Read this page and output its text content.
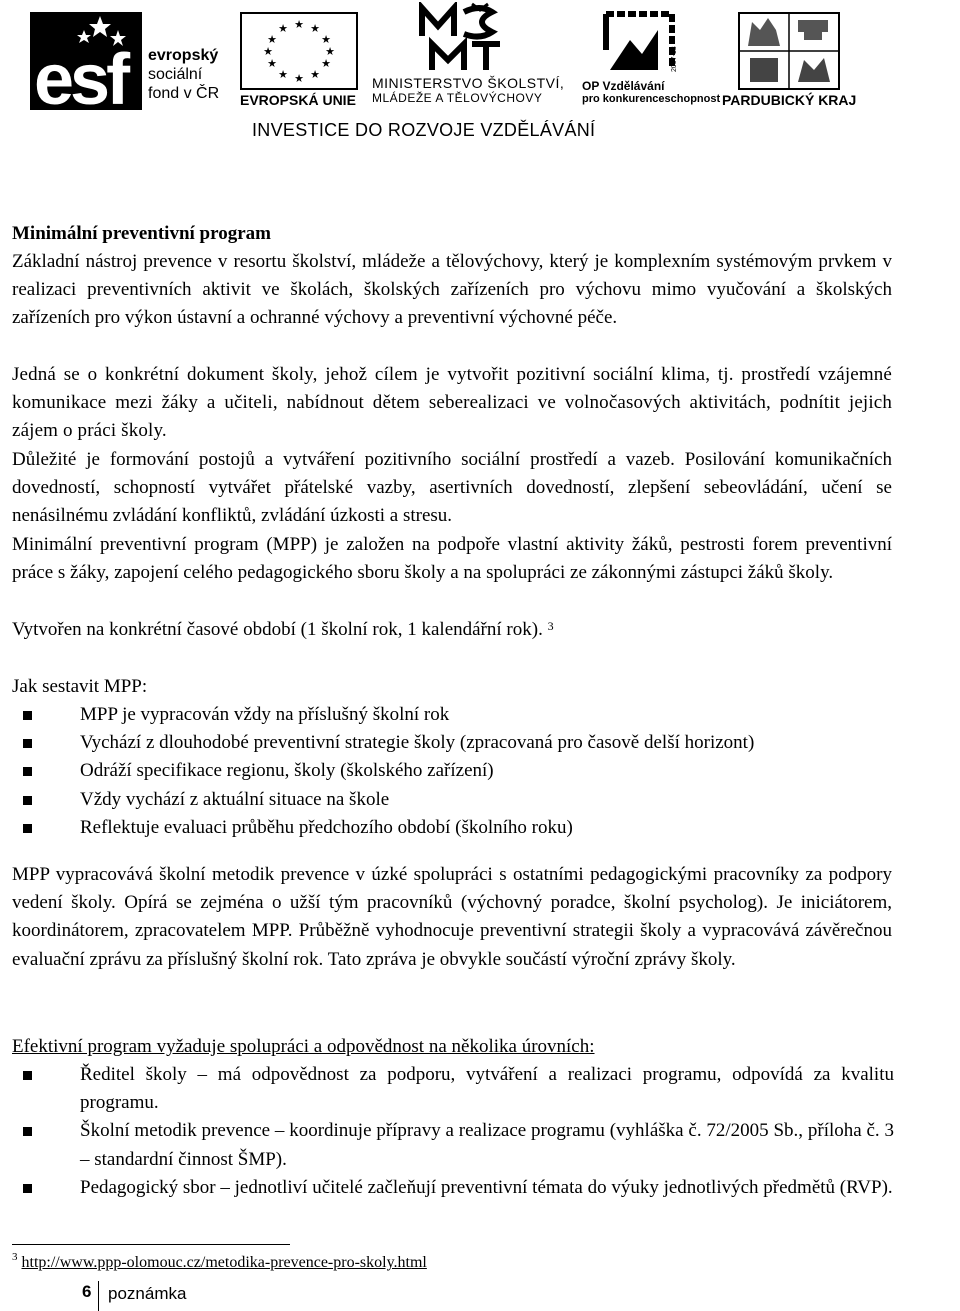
esf	evropský
sociální
fond v ČR
★ ★
★
★
★
★
★
★
★
★
★
★
EVROPSKÁ UNIE
MINISTERSTVO ŠKOLSTVÍ,
MLÁDEŽE A TĚLOVÝCHOVY
2007-13
OP Vzdělávání
pro konkurenceschopnost PARDUBICKÝ KRAJ
INVESTICE DO ROZVOJE VZDĚLÁVÁNÍ
Minimální preventivní program
Základní nástroj prevence v resortu školství, mládeže a tělovýchovy, který je komplexním systémovým prvkem v realizaci preventivních aktivit ve školách, školských zařízeních pro výchovu mimo vyučování a školských zařízeních pro výkon ústavní a ochranné výchovy a preventivní výchovné péče.
Jedná se o konkrétní dokument školy, jehož cílem je vytvořit pozitivní sociální klima, tj. prostředí vzájemné komunikace mezi žáky a učiteli, nabídnout dětem seberealizaci ve volnočasových aktivitách, podnítit jejich zájem o práci školy.
Důležité je formování postojů a vytváření pozitivního sociální prostředí a vazeb. Posilování komunikačních dovedností, schopností vytvářet přátelské vazby, asertivních dovedností, zlepšení sebeovládání, učení se nenásilnému zvládání konfliktů, zvládání úzkosti a stresu.
Minimální preventivní program (MPP) je založen na podpoře vlastní aktivity žáků, pestrosti forem preventivní práce s žáky, zapojení celého pedagogického sboru školy a na spolupráci ze zákonnými zástupci žáků školy.
Vytvořen na konkrétní časové období (1 školní rok, 1 kalendářní rok). $^3$
Jak sestavit MPP:
MPP je vypracován vždy na příslušný školní rok
Vychází z dlouhodobé preventivní strategie školy (zpracovaná pro časově delší horizont)
Odráží specifikace regionu, školy (školského zařízení)
Vždy vychází z aktuální situace na škole
Reflektuje evaluaci průběhu předchozího období (školního roku)
MPP vypracovává školní metodik prevence v úzké spolupráci s ostatními pedagogickými pracovníky za podpory vedení školy. Opírá se zejména o užší tým pracovníků (výchovný poradce, školní psycholog). Je iniciátorem, koordinátorem, zpracovatelem MPP. Průběžně vyhodnocuje preventivní strategii školy a vypracovává závěrečnou evaluační zprávu za příslušný školní rok. Tato zpráva je obvykle součástí výroční zprávy školy.
Efektivní program vyžaduje spolupráci a odpovědnost na několika úrovních:
Ředitel školy – má odpovědnost za podporu, vytváření a realizaci programu, odpovídá za kvalitu programu.
Školní metodik prevence – koordinuje přípravy a realizace programu (vyhláška č. 72/2005 Sb., příloha č. 3 – standardní činnost ŠMP).
Pedagogický sbor – jednotliví učitelé začleňují preventivní témata do výuky jednotlivých předmětů (RVP).
$^3$ http://www.ppp-olomouc.cz/metodika-prevence-pro-skoly.html
6 poznámka
